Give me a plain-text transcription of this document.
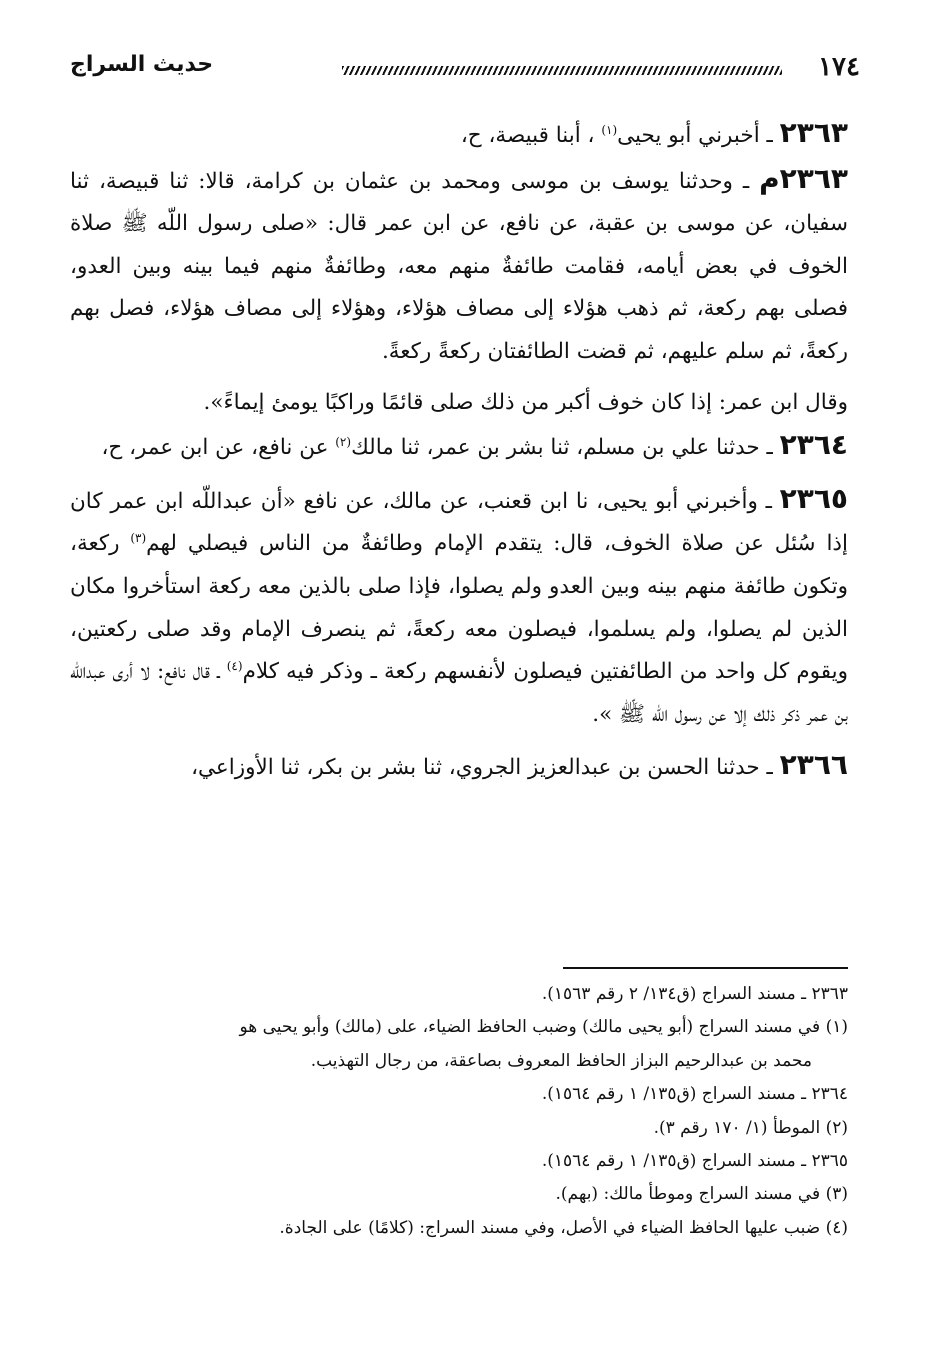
١٧٤
حديث السراج

٢٣٦٣ ـ أخبرني أبو يحيى$^{(١)}$ ، أبنا قبيصة، ح،

٢٣٦٣م ـ وحدثنا يوسف بن موسى ومحمد بن عثمان بن كرامة، قالا: ثنا قبيصة، ثنا سفيان، عن موسى بن عقبة، عن نافع، عن ابن عمر قال: «صلى رسول اللّه ﷺ صلاة الخوف في بعض أيامه، فقامت طائفةٌ منهم معه، وطائفةٌ منهم فيما بينه وبين العدو، فصلى بهم ركعة، ثم ذهب هؤلاء إلى مصاف هؤلاء، وهؤلاء إلى مصاف هؤلاء، فصل بهم ركعةً، ثم سلم عليهم، ثم قضت الطائفتان ركعةً ركعةً.

وقال ابن عمر: إذا كان خوف أكبر من ذلك صلى قائمًا وراكبًا يومئ إيماءً».

٢٣٦٤ ـ حدثنا علي بن مسلم، ثنا بشر بن عمر، ثنا مالك$^{(٢)}$ عن نافع، عن ابن عمر، ح،

٢٣٦٥ ـ وأخبرني أبو يحيى، نا ابن قعنب، عن مالك، عن نافع «أن عبداللّه ابن عمر كان إذا سُئل عن صلاة الخوف، قال: يتقدم الإمام وطائفةٌ من الناس فيصلي لهم$^{(٣)}$ ركعة، وتكون طائفة منهم بينه وبين العدو ولم يصلوا، فإذا صلى بالذين معه ركعة استأخروا مكان الذين لم يصلوا، ولم يسلموا، فيصلون معه ركعةً، ثم ينصرف الإمام وقد صلى ركعتين، ويقوم كل واحد من الطائفتين فيصلون لأنفسهم ركعة ـ وذكر فيه كلام$^{(٤)}$ ـ قال نافع: لا أرى عبداللّه بن عمر ذكر ذلك إلا عن رسول اللّه ﷺ ».

٢٣٦٦ ـ حدثنا الحسن بن عبدالعزيز الجروي، ثنا بشر بن بكر، ثنا الأوزاعي،

٢٣٦٣ ـ مسند السراج (ق١٣٤/ ٢ رقم ١٥٦٣).

(١) في مسند السراج (أبو يحيى مالك) وضبب الحافظ الضياء، على (مالك) وأبو يحيى هو

محمد بن عبدالرحيم البزاز الحافظ المعروف بصاعقة، من رجال التهذيب.

٢٣٦٤ ـ مسند السراج (ق١٣٥/ ١ رقم ١٥٦٤).

(٢) الموطأ (١/ ١٧٠ رقم ٣).

٢٣٦٥ ـ مسند السراج (ق١٣٥/ ١ رقم ١٥٦٤).

(٣) في مسند السراج وموطأ مالك: (بهم).

(٤) ضبب عليها الحافظ الضياء في الأصل، وفي مسند السراج: (كلامًا) على الجادة.
